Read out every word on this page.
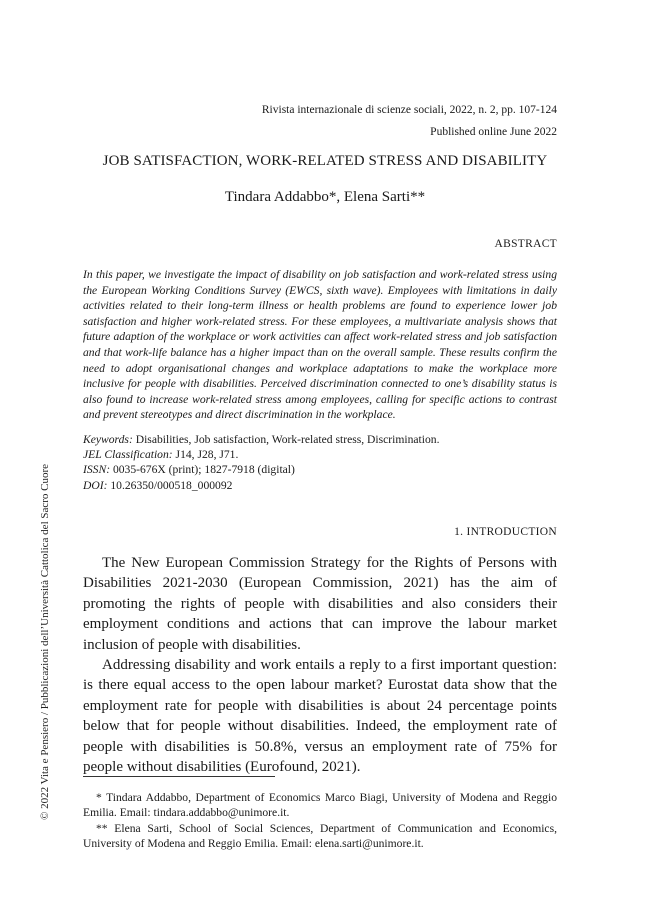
Rivista internazionale di scienze sociali, 2022, n. 2, pp. 107-124
Published online June 2022
JOB SATISFACTION, WORK-RELATED STRESS AND DISABILITY
Tindara Addabbo*, Elena Sarti**
ABSTRACT
In this paper, we investigate the impact of disability on job satisfaction and work-related stress using the European Working Conditions Survey (EWCS, sixth wave). Employees with limitations in daily activities related to their long-term illness or health problems are found to experience lower job satisfaction and higher work-related stress. For these employees, a multivariate analysis shows that future adaption of the workplace or work activities can affect work-related stress and job satisfaction and that work-life balance has a higher impact than on the overall sample. These results confirm the need to adopt organisational changes and workplace adaptations to make the workplace more inclusive for people with disabilities. Perceived discrimination connected to one’s disability status is also found to increase work-related stress among employees, calling for specific actions to contrast and prevent stereotypes and direct discrimination in the workplace.
Keywords: Disabilities, Job satisfaction, Work-related stress, Discrimination.
JEL Classification: J14, J28, J71.
ISSN: 0035-676X (print); 1827-7918 (digital)
DOI: 10.26350/000518_000092
© 2022 Vita e Pensiero / Pubblicazioni dell’Università Cattolica del Sacro Cuore	1. INTRODUCTION

The New European Commission Strategy for the Rights of Persons with Disabilities 2021-2030 (European Commission, 2021) has the aim of promoting the rights of people with disabilities and also considers their employment conditions and actions that can improve the labour market inclusion of people with disabilities.

Addressing disability and work entails a reply to a first important question: is there equal access to the open labour market? Eurostat data show that the employment rate for people with disabilities is about 24 percentage points below that for people without disabilities. Indeed, the employment rate of people with disabilities is 50.8%, versus an employment rate of 75% for people without disabilities (Eurofound, 2021).

* Tindara Addabbo, Department of Economics Marco Biagi, University of Modena and Reggio Emilia. Email: tindara.addabbo@unimore.it.

** Elena Sarti, School of Social Sciences, Department of Communication and Economics, University of Modena and Reggio Emilia. Email: elena.sarti@unimore.it.
